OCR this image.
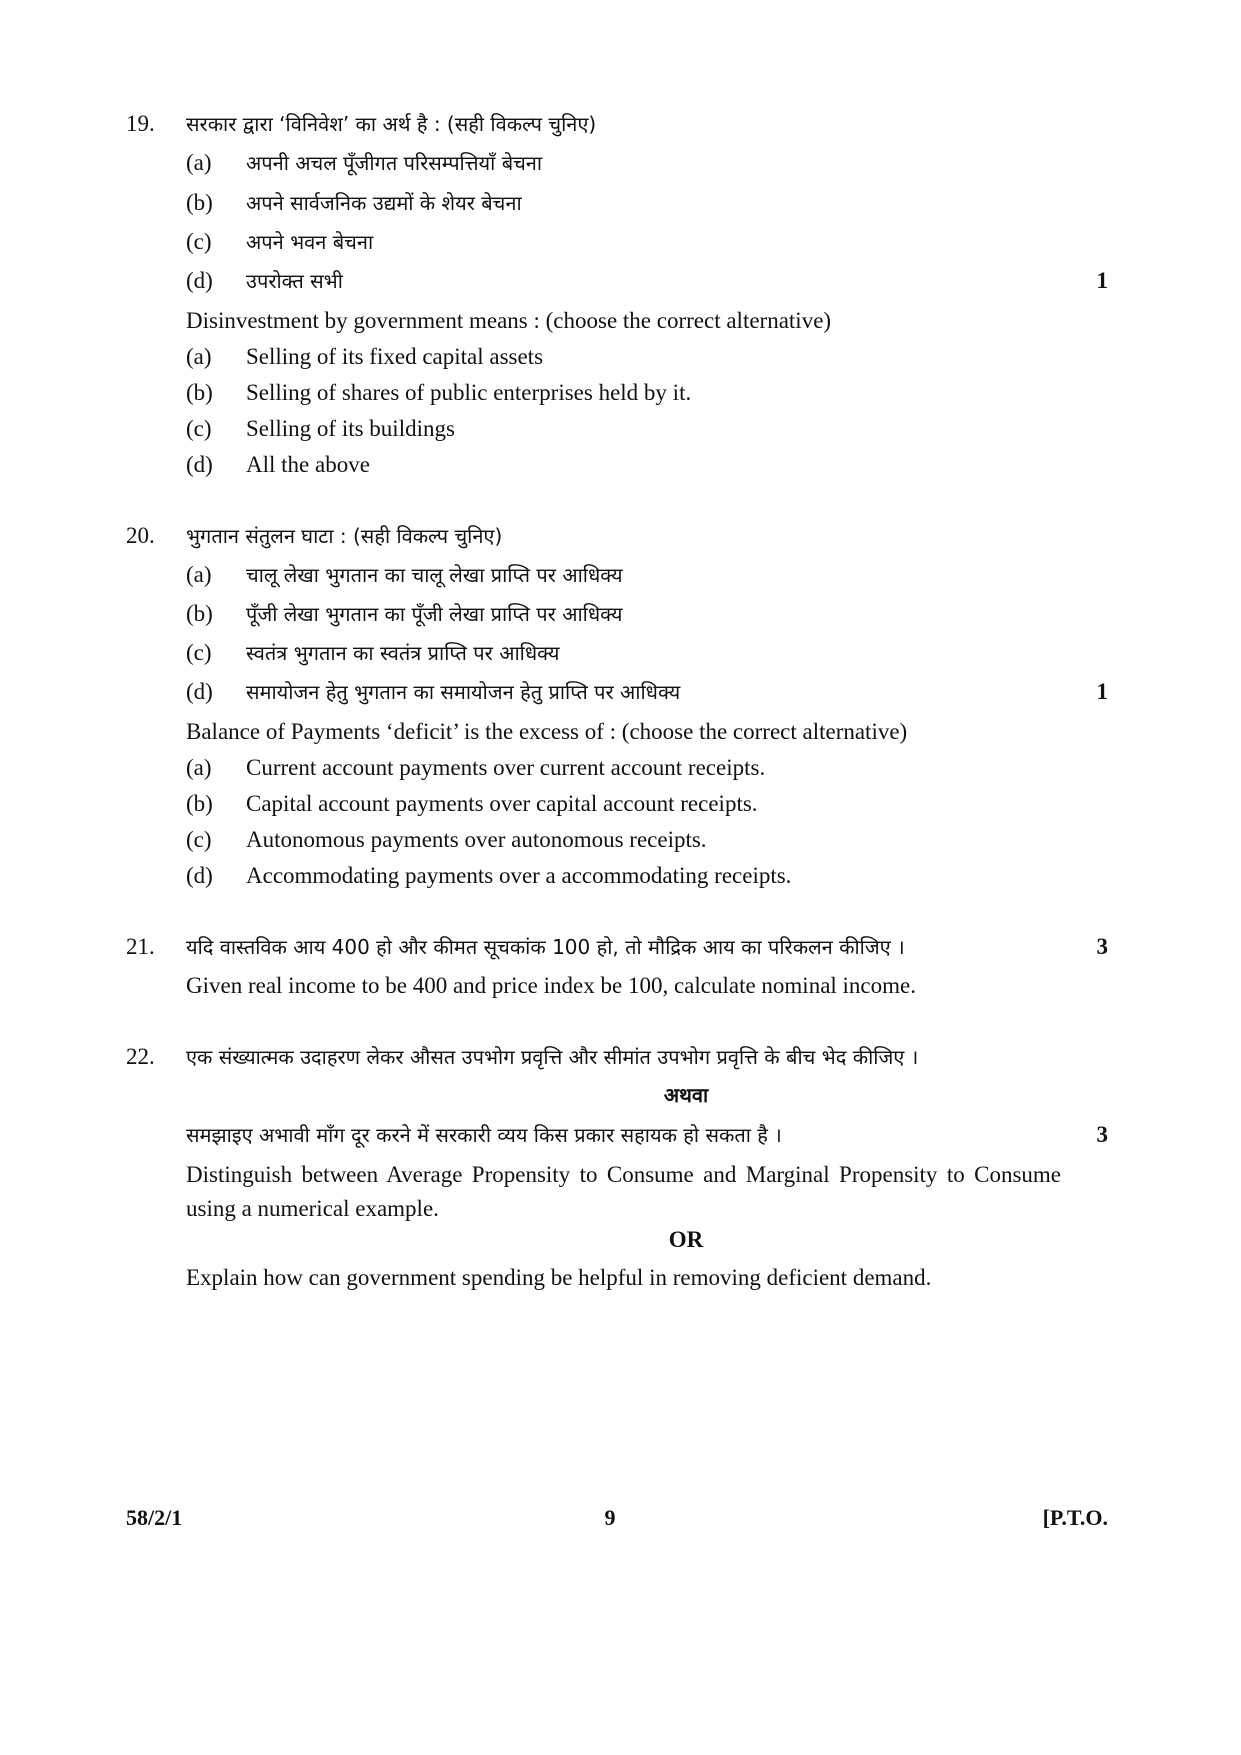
19. सरकार द्वारा ‘विनिवेश’ का अर्थ है : (सही विकल्प चुनिए)
(a) अपनी अचल पूँजीगत परिसम्पत्तियाँ बेचना
(b) अपने सार्वजनिक उद्यमों के शेयर बेचना
(c) अपने भवन बेचना
(d) उपरोक्त सभी	1
Disinvestment by government means : (choose the correct alternative)
(a) Selling of its fixed capital assets
(b) Selling of shares of public enterprises held by it.
(c) Selling of its buildings
(d) All the above
20. भुगतान संतुलन घाटा : (सही विकल्प चुनिए)
(a) चालू लेखा भुगतान का चालू लेखा प्राप्ति पर आधिक्य
(b) पूँजी लेखा भुगतान का पूँजी लेखा प्राप्ति पर आधिक्य
(c) स्वतंत्र भुगतान का स्वतंत्र प्राप्ति पर आधिक्य
(d) समायोजन हेतु भुगतान का समायोजन हेतु प्राप्ति पर आधिक्य	1
Balance of Payments ‘deficit’ is the excess of : (choose the correct alternative)
(a) Current account payments over current account receipts.
(b) Capital account payments over capital account receipts.
(c) Autonomous payments over autonomous receipts.
(d) Accommodating payments over a accommodating receipts.
21. यदि वास्तविक आय 400 हो और कीमत सूचकांक 100 हो, तो मौद्रिक आय का परिकलन कीजिए ।	3
Given real income to be 400 and price index be 100, calculate nominal income.
22. एक संख्यात्मक उदाहरण लेकर औसत उपभोग प्रवृत्ति और सीमांत उपभोग प्रवृत्ति के बीच भेद कीजिए ।
अथवा
समझाइए अभावी माँग दूर करने में सरकारी व्यय किस प्रकार सहायक हो सकता है ।	3
Distinguish between Average Propensity to Consume and Marginal Propensity to Consume using a numerical example.
OR
Explain how can government spending be helpful in removing deficient demand.
58/2/1	9	[P.T.O.
